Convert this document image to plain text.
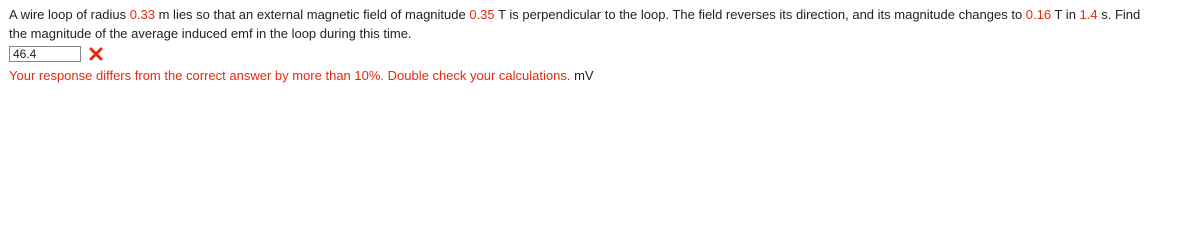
A wire loop of radius 0.33 m lies so that an external magnetic field of magnitude 0.35 T is perpendicular to the loop. The field reverses its direction, and its magnitude changes to 0.16 T in 1.4 s. Find
the magnitude of the average induced emf in the loop during this time.
46.4
Your response differs from the correct answer by more than 10%. Double check your calculations. mV
